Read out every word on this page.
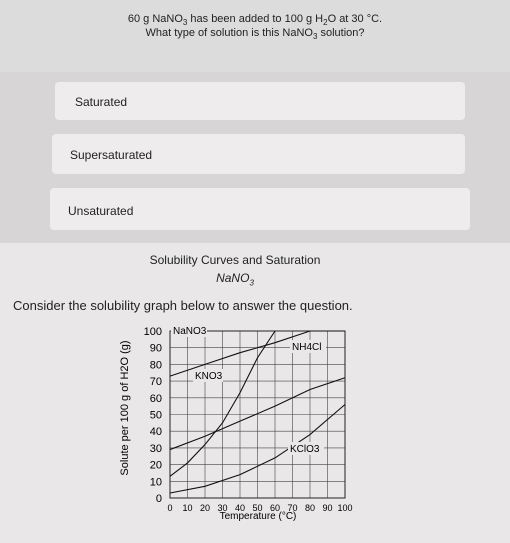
60 g NaNO$_3$ has been added to 100 g $H_2O$ at 30 °C.
What type of solution is this NaNO$_3$ solution?
Saturated
Supersaturated
Unsaturated
Solubility Curves and Saturation
NaNO$_3$
Consider the solubility graph below to answer the question.
0 10 20 30 40 50 60 70 80 90 100
0
10
20
30
40
50
60
70
80
90
100
Temperature (°C)
Solute per 100 g of H2O (g)
NaNO3
NH4Cl
KNO3
KClO3
